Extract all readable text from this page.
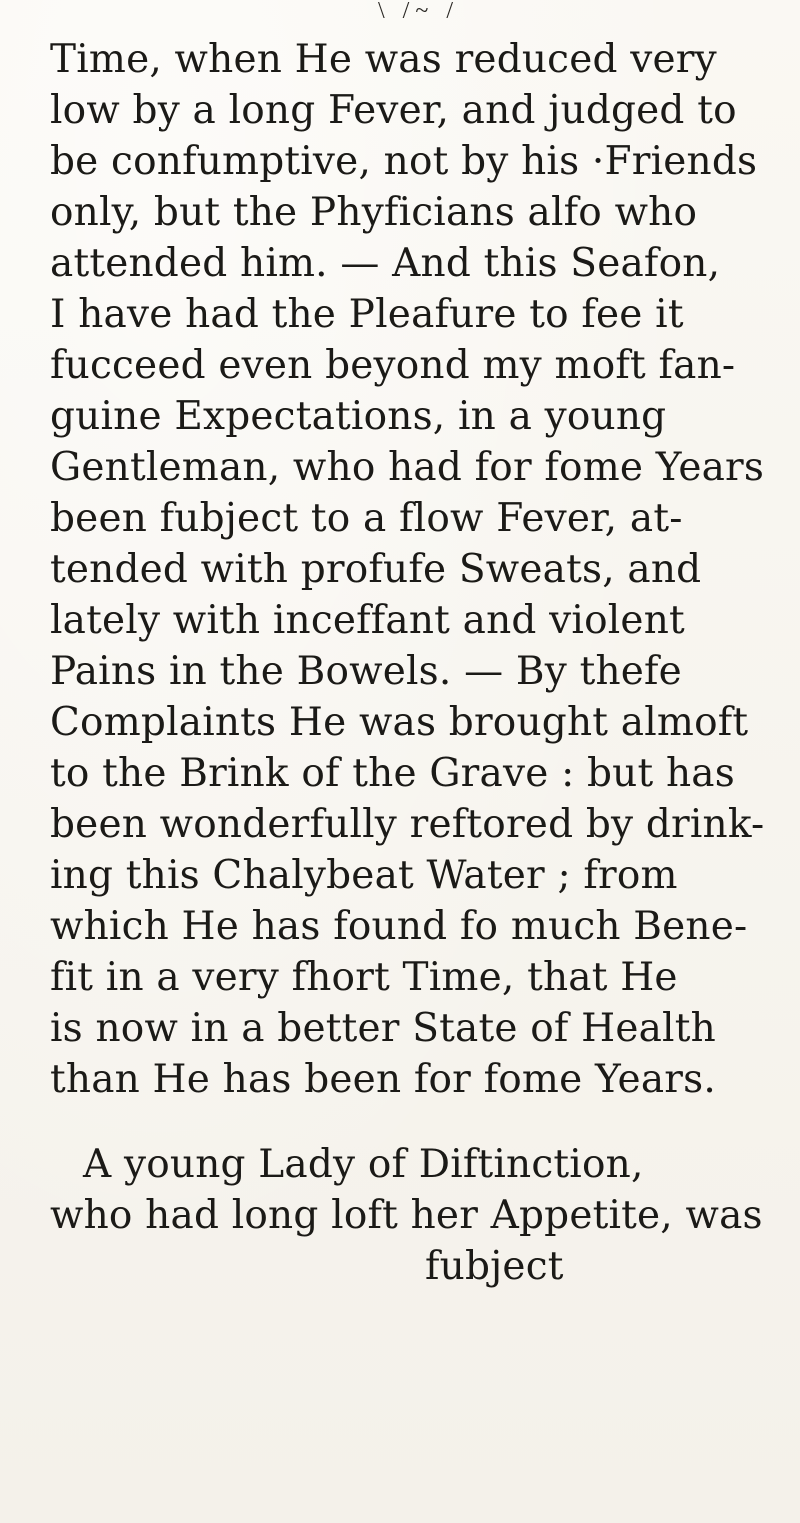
\ /~ /
Time, when He was reduced very
low by a long Fever, and judged to
be confumptive, not by his ·Friends
only, but the Phyficians alfo who
attended him. — And this Seafon,
I have had the Pleafure to fee it
fucceed even beyond my moft fan-
guine Expectations, in a young
Gentleman, who had for fome Years
been fubject to a flow Fever, at-
tended with profufe Sweats, and
lately with inceffant and violent
Pains in the Bowels. — By thefe
Complaints He was brought almoft
to the Brink of the Grave : but has
been wonderfully reftored by drink-
ing this Chalybeat Water ; from
which He has found fo much Bene-
fit in a very fhort Time, that He
is now in a better State of Health
than He has been for fome Years.
A young Lady of Diftinction,
who had long loft her Appetite, was
fubject
